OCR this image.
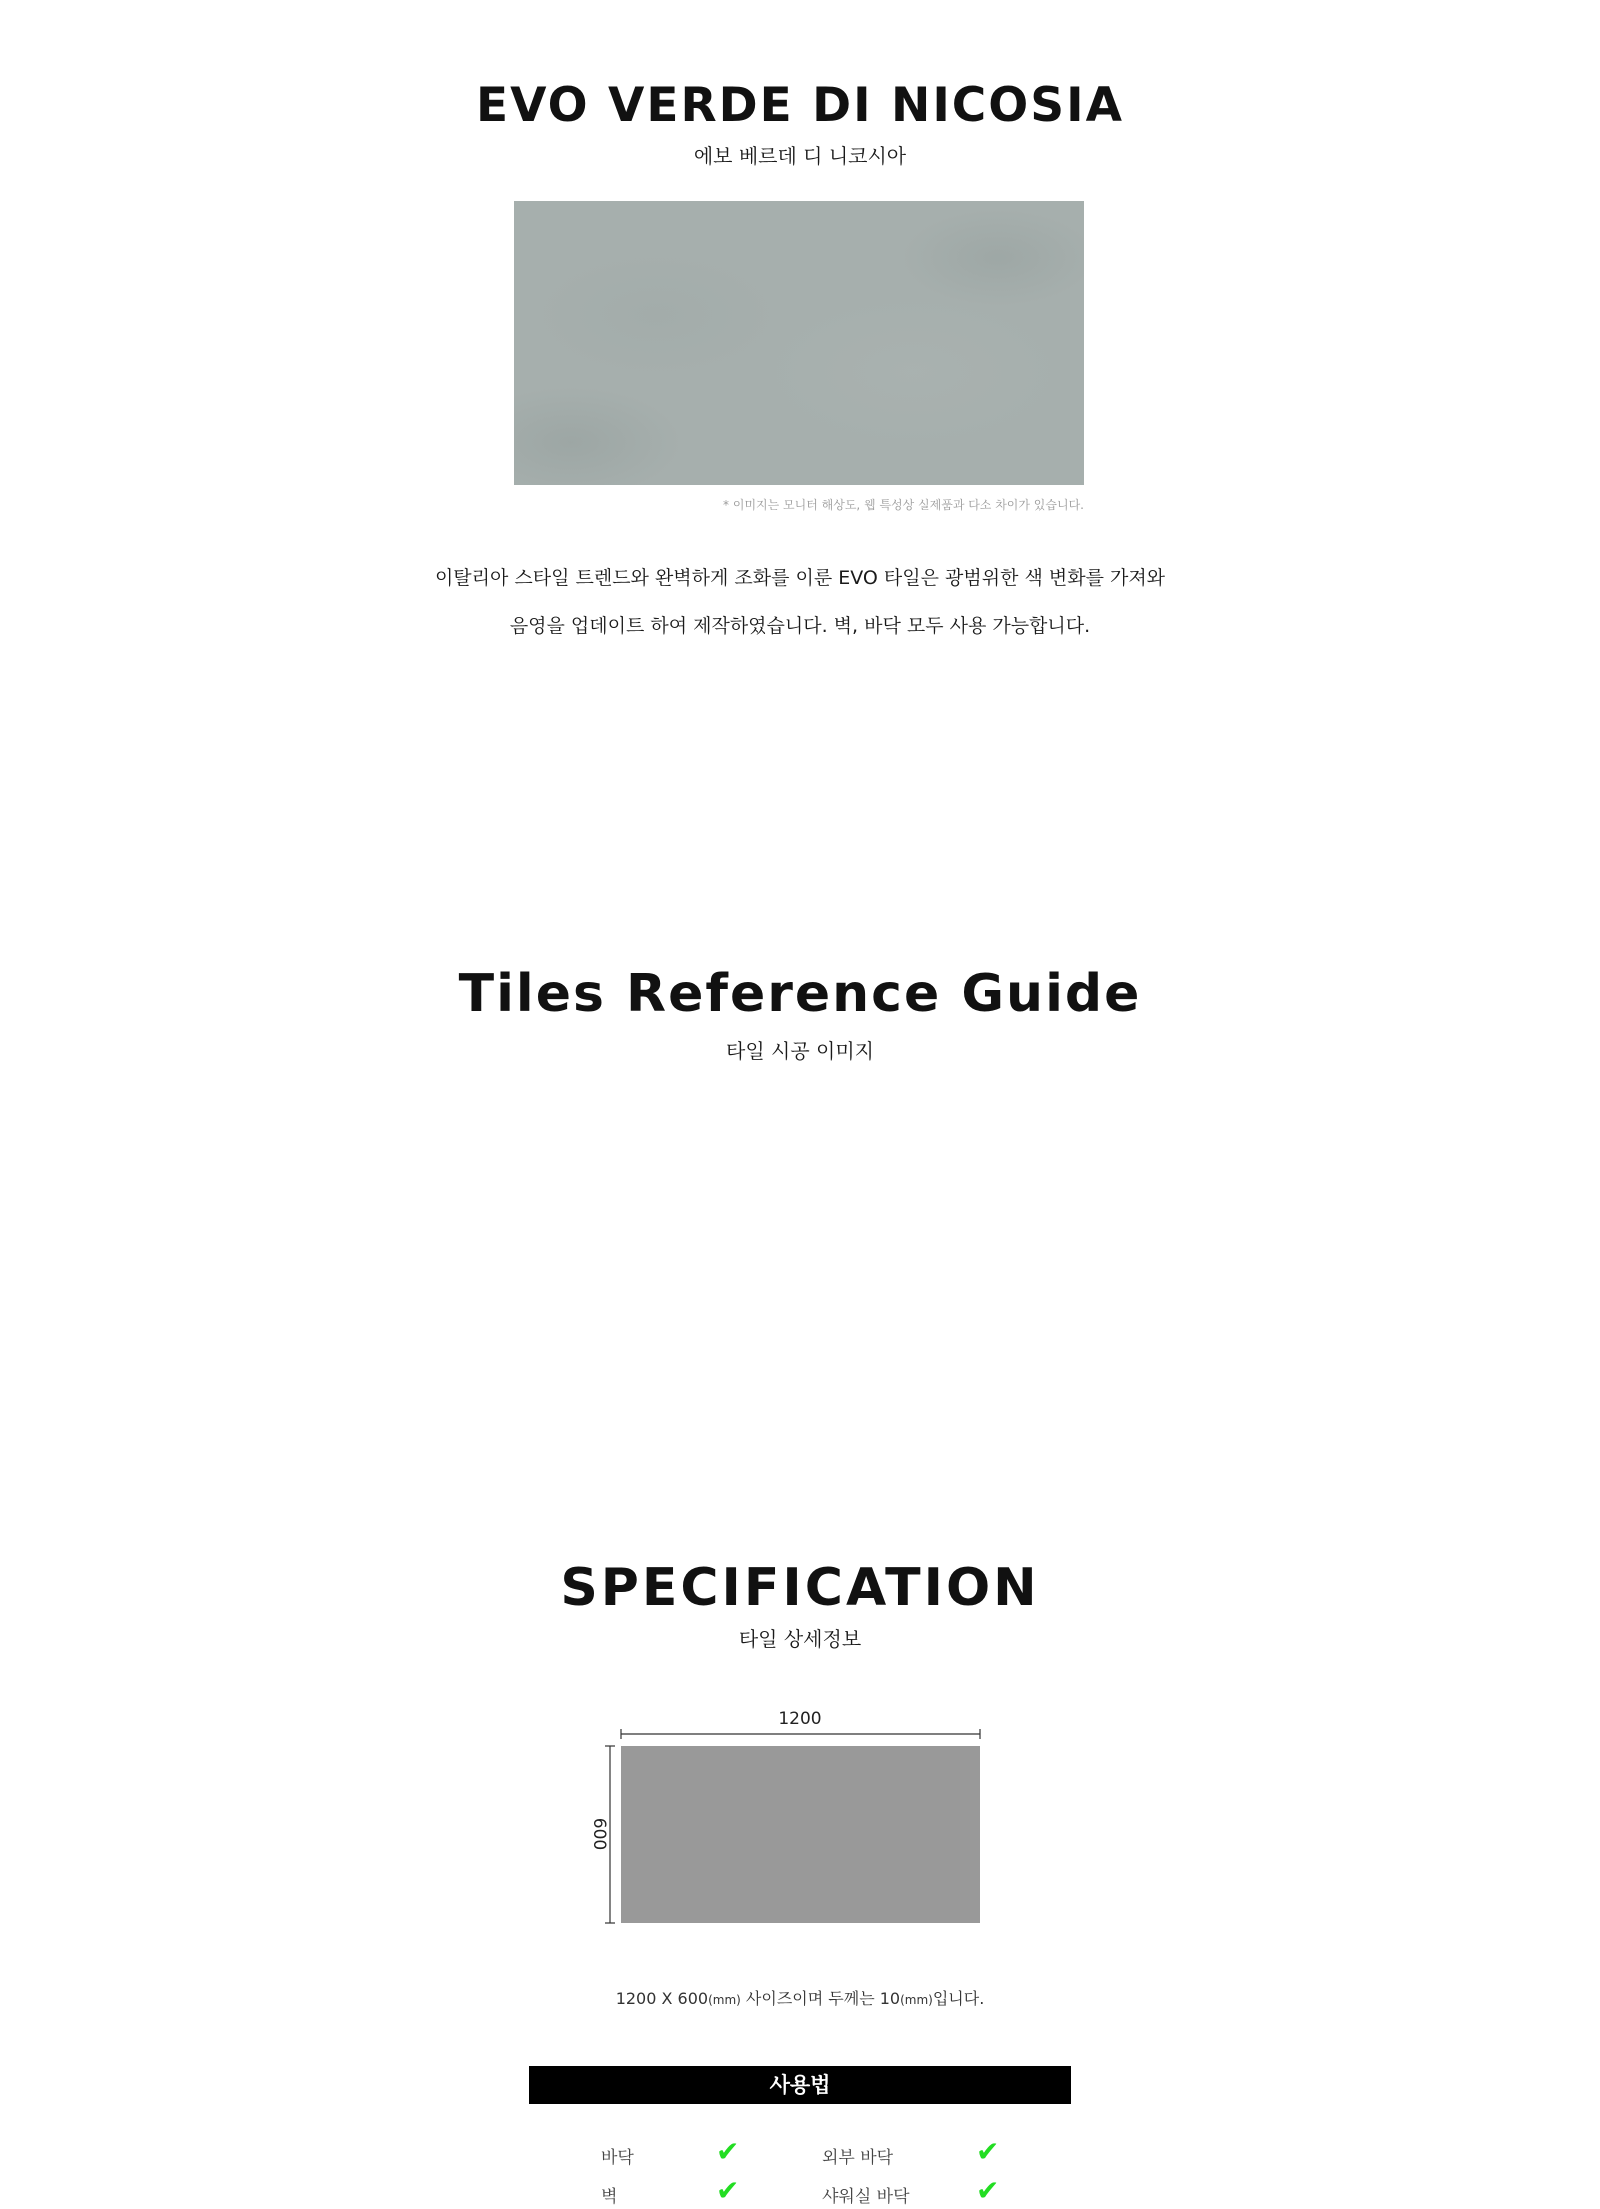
EVO VERDE DI NICOSIA
에보 베르데 디 니코시아
* 이미지는 모니터 해상도, 웹 특성상 실제품과 다소 차이가 있습니다.
이탈리아 스타일 트렌드와 완벽하게 조화를 이룬 EVO 타일은 광범위한 색 변화를 가져와
음영을 업데이트 하여 제작하였습니다. 벽, 바닥 모두 사용 가능합니다.
Tiles Reference Guide
타일 시공 이미지
SPECIFICATION
타일 상세정보
1200
600
1200 X 600(mm) 사이즈이며 두께는 10(mm)입니다.
사용법
바닥	✔	외부 바닥	✔
벽	✔	샤워실 바닥 ✔
